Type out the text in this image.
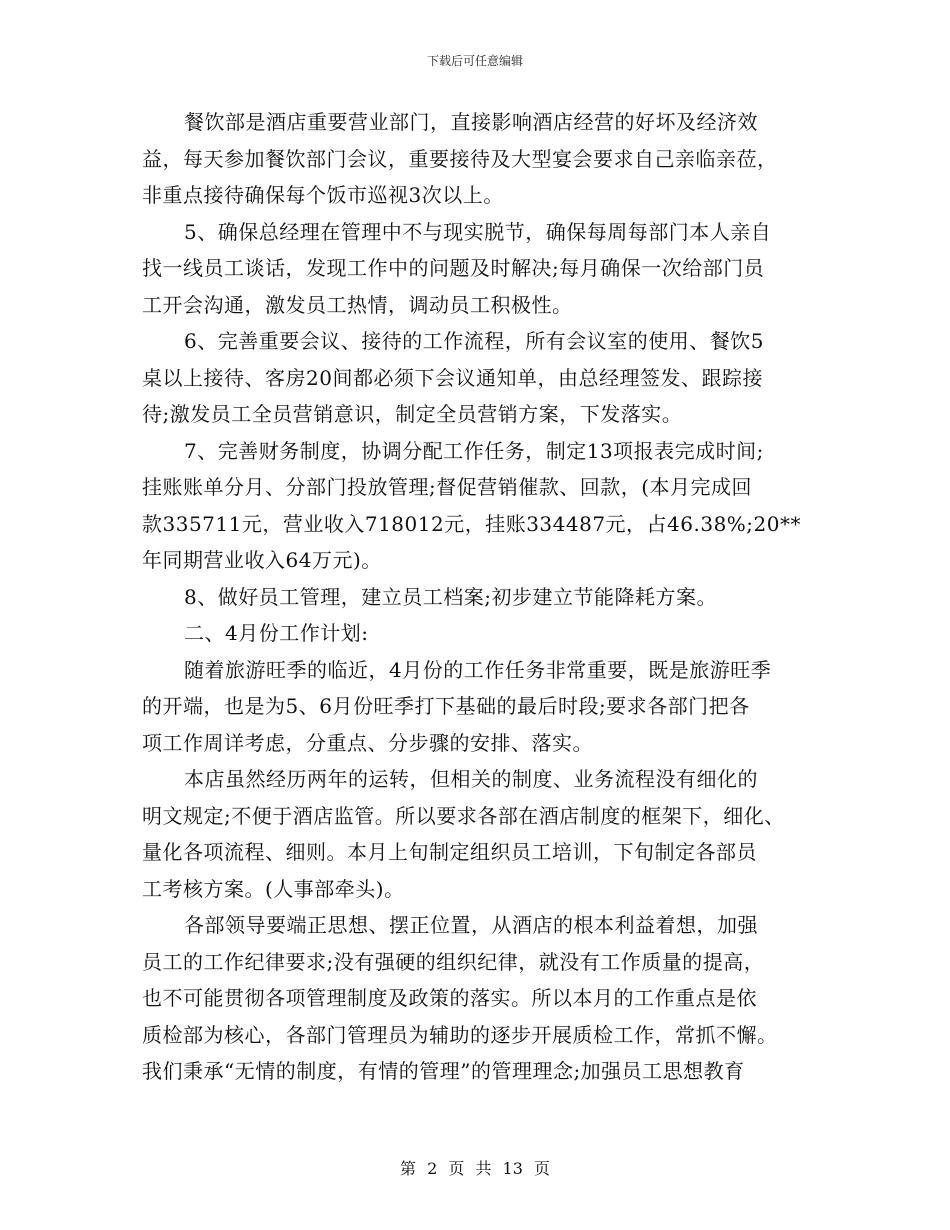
下载后可任意编辑

餐饮部是酒店重要营业部门，直接影响酒店经营的好坏及经济效
益，每天参加餐饮部门会议，重要接待及大型宴会要求自己亲临亲莅，
非重点接待确保每个饭市巡视3次以上。

5、确保总经理在管理中不与现实脱节，确保每周每部门本人亲自
找一线员工谈话，发现工作中的问题及时解决;每月确保一次给部门员
工开会沟通，激发员工热情，调动员工积极性。

6、完善重要会议、接待的工作流程，所有会议室的使用、餐饮5
桌以上接待、客房20间都必须下会议通知单，由总经理签发、跟踪接
待;激发员工全员营销意识，制定全员营销方案，下发落实。

7、完善财务制度，协调分配工作任务，制定13项报表完成时间;
挂账账单分月、分部门投放管理;督促营销催款、回款，(本月完成回
款335711元，营业收入718012元，挂账334487元，占46.38%;20**
年同期营业收入64万元)。

8、做好员工管理，建立员工档案;初步建立节能降耗方案。

二、4月份工作计划:

随着旅游旺季的临近，4月份的工作任务非常重要，既是旅游旺季
的开端，也是为5、6月份旺季打下基础的最后时段;要求各部门把各
项工作周详考虑，分重点、分步骤的安排、落实。

本店虽然经历两年的运转，但相关的制度、业务流程没有细化的
明文规定;不便于酒店监管。所以要求各部在酒店制度的框架下，细化、
量化各项流程、细则。本月上旬制定组织员工培训，下旬制定各部员
工考核方案。(人事部牵头)。

各部领导要端正思想、摆正位置，从酒店的根本利益着想，加强
员工的工作纪律要求;没有强硬的组织纪律，就没有工作质量的提高，
也不可能贯彻各项管理制度及政策的落实。所以本月的工作重点是依
质检部为核心，各部门管理员为辅助的逐步开展质检工作，常抓不懈。
我们秉承“无情的制度，有情的管理”的管理理念;加强员工思想教育

第 2 页 共 13 页
